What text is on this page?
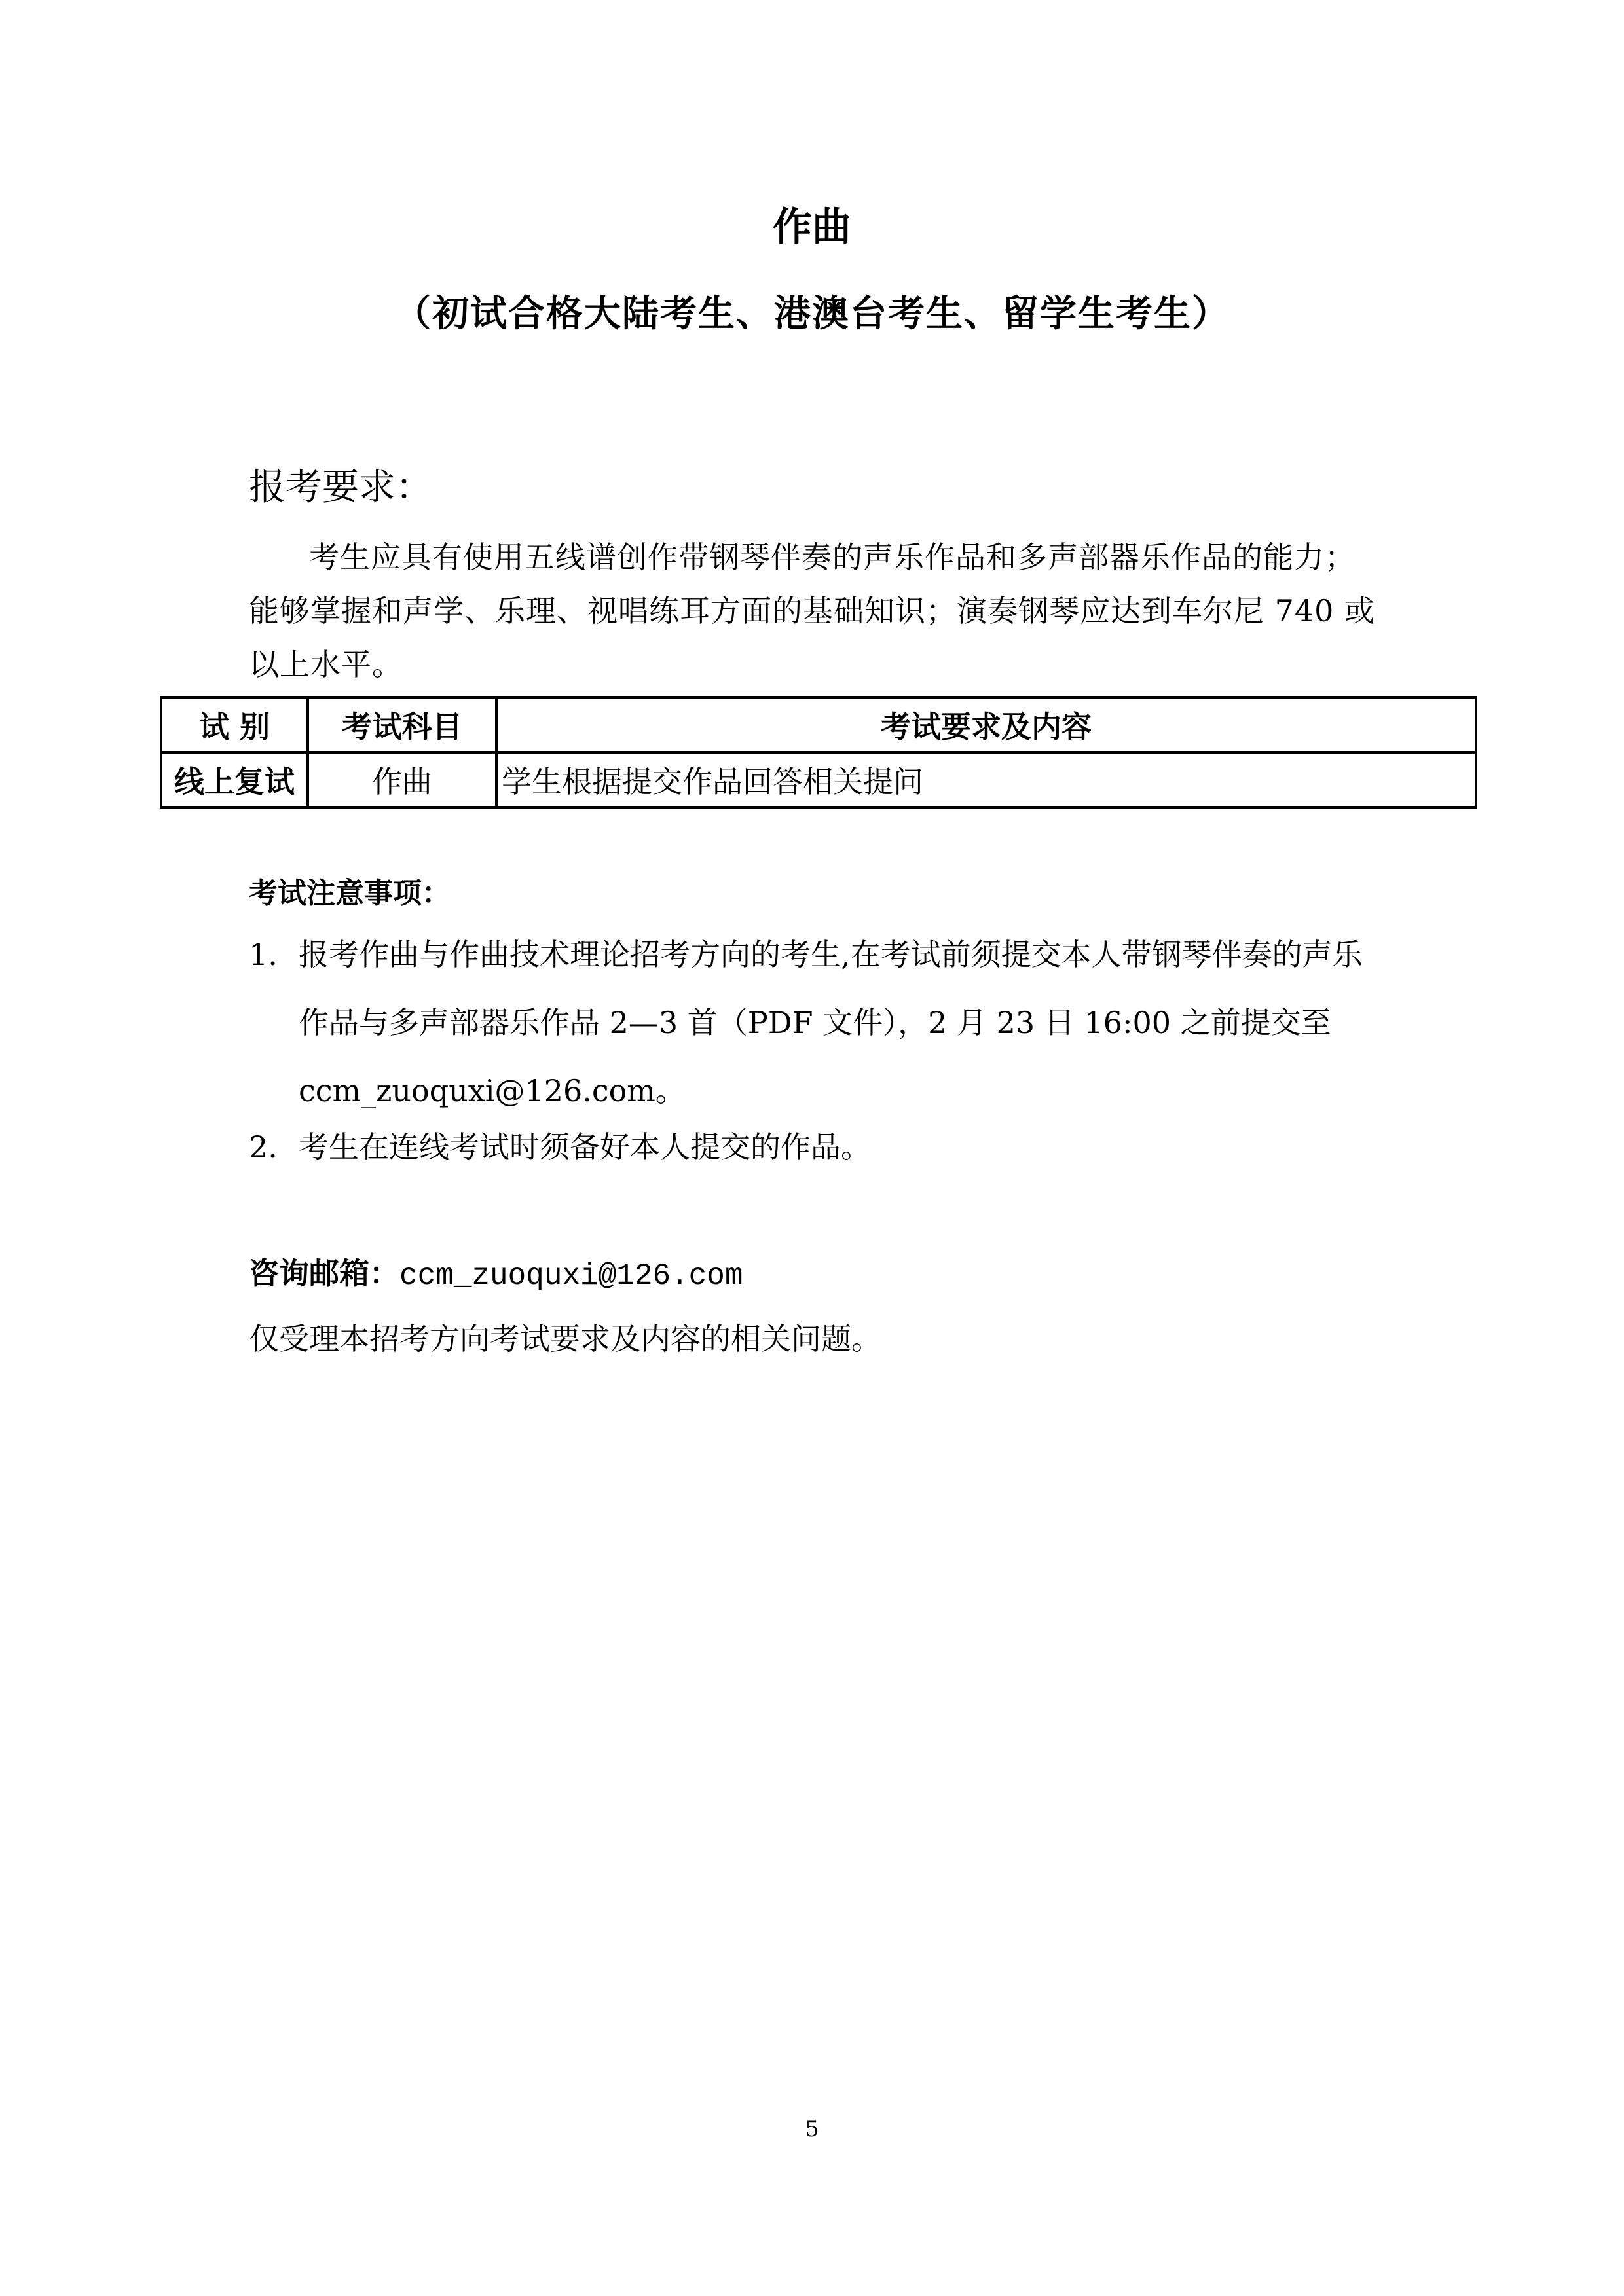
作曲
（初试合格大陆考生、港澳台考生、留学生考生）
报考要求：
考生应具有使用五线谱创作带钢琴伴奏的声乐作品和多声部器乐作品的能力；能够掌握和声学、乐理、视唱练耳方面的基础知识；演奏钢琴应达到车尔尼 740 或以上水平。
试 别	考试科目	考试要求及内容
线上复试	作曲	学生根据提交作品回答相关提问
考试注意事项：
1. 报考作曲与作曲技术理论招考方向的考生,在考试前须提交本人带钢琴伴奏的声乐作品与多声部器乐作品 2—3 首（PDF 文件），2 月 23 日 16:00 之前提交至 ccm_zuoquxi@126.com。
2. 考生在连线考试时须备好本人提交的作品。
咨询邮箱：ccm_zuoquxi@126.com
仅受理本招考方向考试要求及内容的相关问题。
5
